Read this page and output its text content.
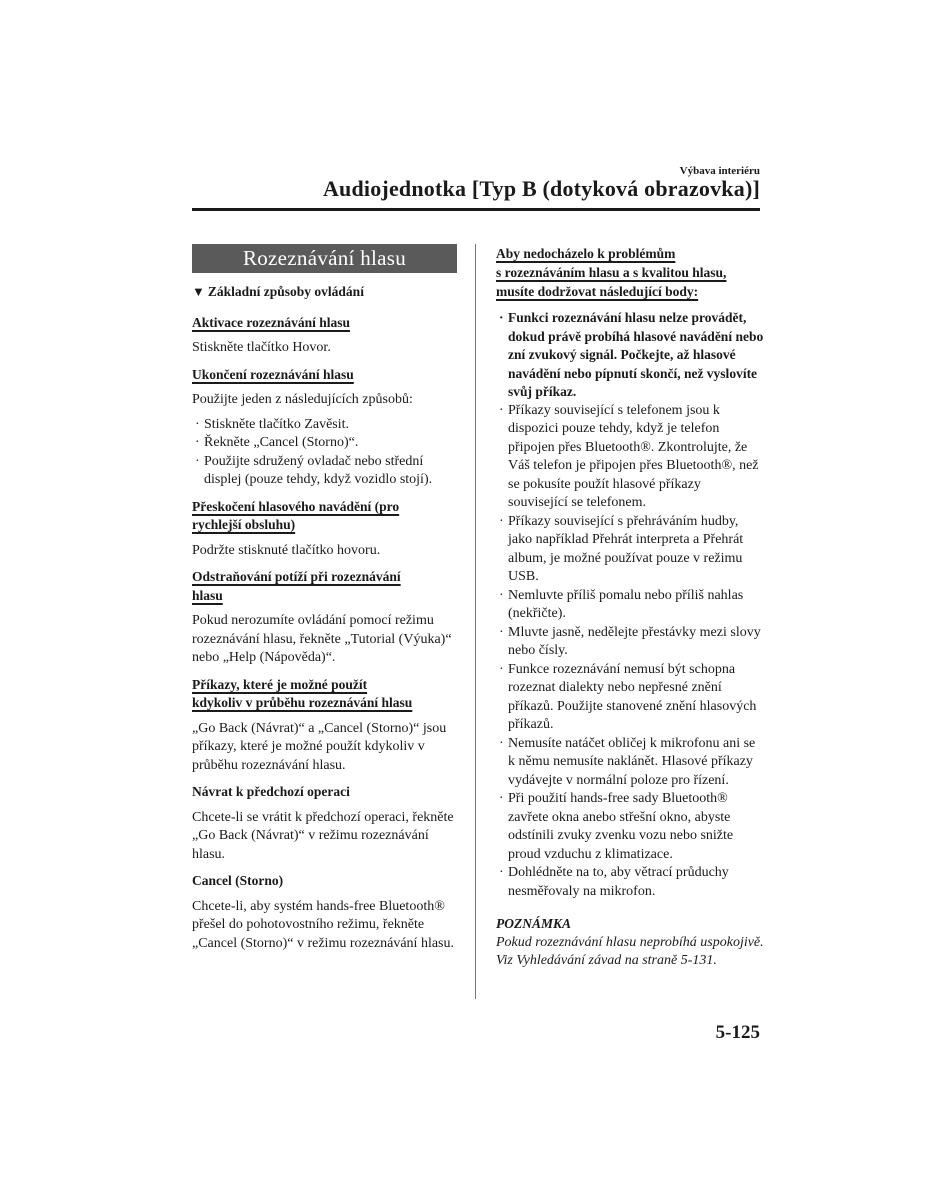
Výbava interiéru
Audiojednotka [Typ B (dotyková obrazovka)]
Rozeznávání hlasu
▼ Základní způsoby ovládání
Aktivace rozeznávání hlasu
Stiskněte tlačítko Hovor.
Ukončení rozeznávání hlasu
Použijte jeden z následujících způsobů:
· Stiskněte tlačítko Zavěsit.
· Řekněte „Cancel (Storno)“.
· Použijte sdružený ovladač nebo střední displej (pouze tehdy, když vozidlo stojí).
Přeskočení hlasového navádění (pro
rychlejší obsluhu)
Podržte stisknuté tlačítko hovoru.
Odstraňování potíží při rozeznávání
hlasu
Pokud nerozumíte ovládání pomocí režimu rozeznávání hlasu, řekněte „Tutorial (Výuka)“ nebo „Help (Nápověda)“.
Příkazy, které je možné použít
kdykoliv v průběhu rozeznávání hlasu
„Go Back (Návrat)“ a „Cancel (Storno)“ jsou příkazy, které je možné použít kdykoliv v průběhu rozeznávání hlasu.
Návrat k předchozí operaci
Chcete-li se vrátit k předchozí operaci, řekněte „Go Back (Návrat)“ v režimu rozeznávání hlasu.
Cancel (Storno)
Chcete-li, aby systém hands-free Bluetooth® přešel do pohotovostního režimu, řekněte „Cancel (Storno)“ v režimu rozeznávání hlasu.
Aby nedocházelo k problémům
s rozeznáváním hlasu a s kvalitou hlasu,
musíte dodržovat následující body:
· Funkci rozeznávání hlasu nelze provádět, dokud právě probíhá hlasové navádění nebo zní zvukový signál. Počkejte, až hlasové navádění nebo pípnutí skončí, než vyslovíte svůj příkaz.
· Příkazy související s telefonem jsou k dispozici pouze tehdy, když je telefon připojen přes Bluetooth®. Zkontrolujte, že Váš telefon je připojen přes Bluetooth®, než se pokusíte použít hlasové příkazy související se telefonem.
· Příkazy související s přehráváním hudby, jako například Přehrát interpreta a Přehrát album, je možné používat pouze v režimu USB.
· Nemluvte příliš pomalu nebo příliš nahlas (nekřičte).
· Mluvte jasně, nedělejte přestávky mezi slovy nebo čísly.
· Funkce rozeznávání nemusí být schopna rozeznat dialekty nebo nepřesné znění příkazů. Použijte stanovené znění hlasových příkazů.
· Nemusíte natáčet obličej k mikrofonu ani se k němu nemusíte naklánět. Hlasové příkazy vydávejte v normální poloze pro řízení.
· Při použití hands-free sady Bluetooth® zavřete okna anebo střešní okno, abyste odstínili zvuky zvenku vozu nebo snižte proud vzduchu z klimatizace.
· Dohlédněte na to, aby větrací průduchy nesměřovaly na mikrofon.
POZNÁMKA
Pokud rozeznávání hlasu neprobíhá uspokojivě.
Viz Vyhledávání závad na straně 5-131.
5-125
